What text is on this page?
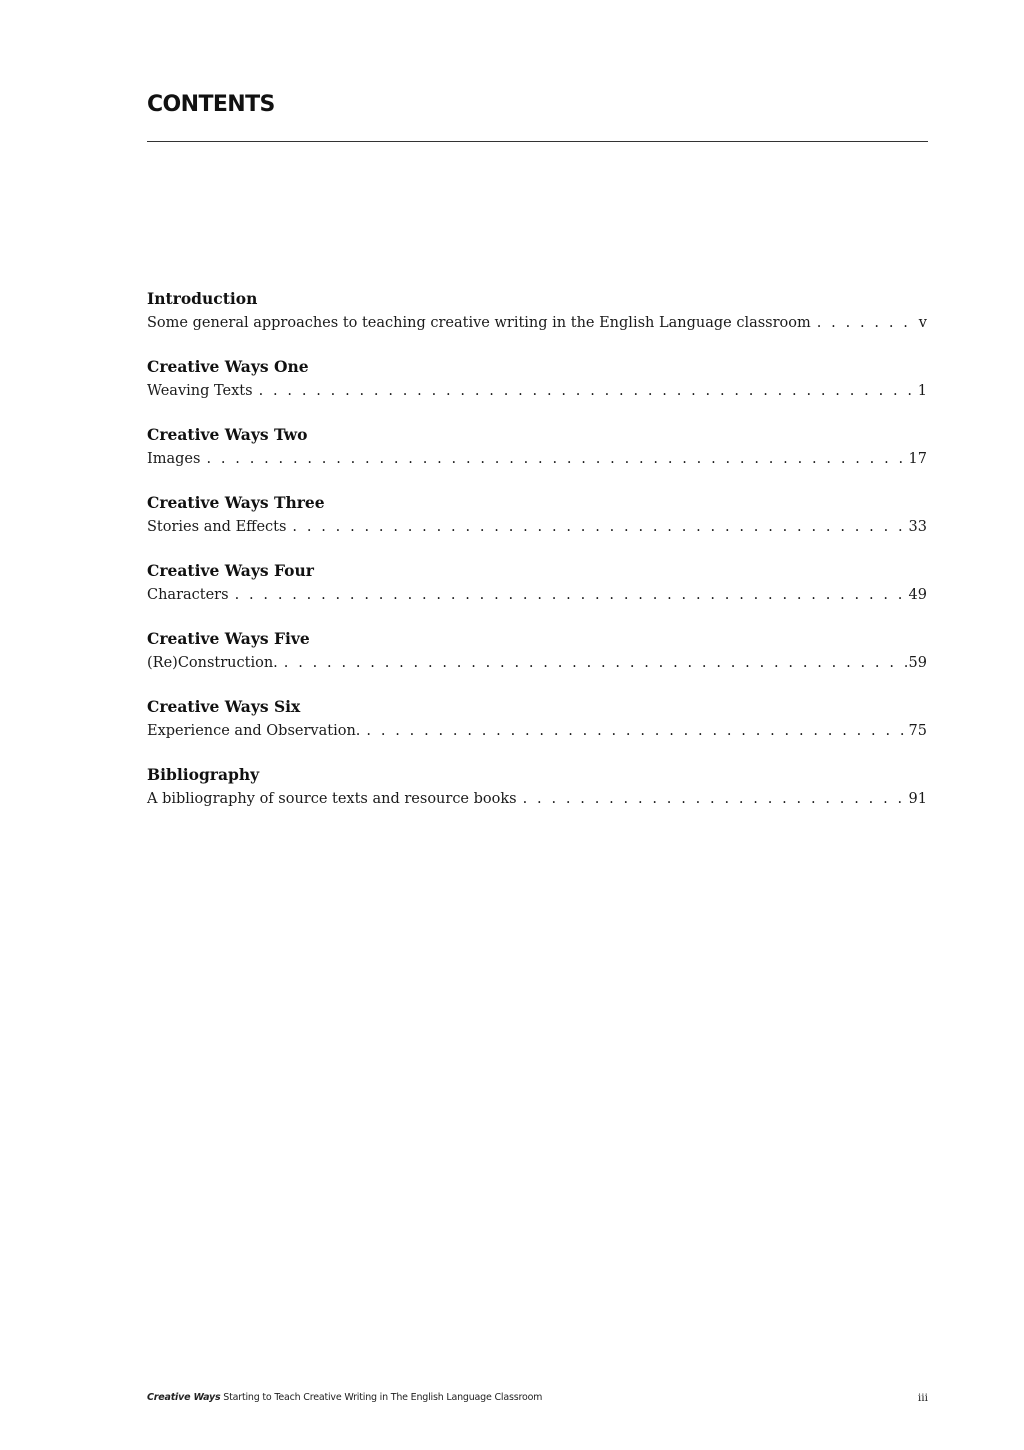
CONTENTS
Introduction
Some general approaches to teaching creative writing in the English Language classroom . . .	v
Creative Ways One
Weaving Texts . . .	1
Creative Ways Two
Images . . .	17
Creative Ways Three
Stories and Effects . . .	33
Creative Ways Four
Characters . . .	49
Creative Ways Five
(Re)Construction. . . .	59
Creative Ways Six
Experience and Observation. . . .	75
Bibliography
A bibliography of source texts and resource books . . .	91
Creative Ways Starting to Teach Creative Writing in The English Language Classroom	iii
